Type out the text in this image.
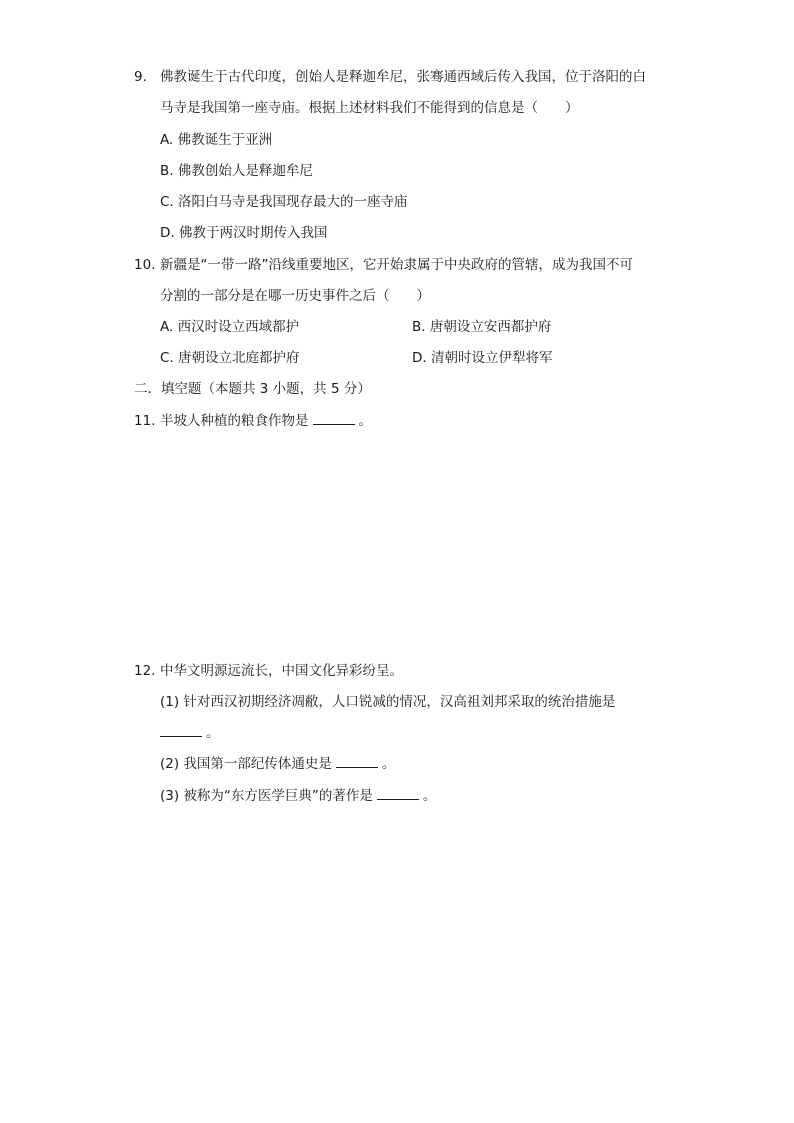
9. 佛教诞生于古代印度，创始人是释迦牟尼，张骞通西域后传入我国，位于洛阳的白
马寺是我国第一座寺庙。根据上述材料我们不能得到的信息是（　　）
A. 佛教诞生于亚洲
B. 佛教创始人是释迦牟尼
C. 洛阳白马寺是我国现存最大的一座寺庙
D. 佛教于两汉时期传入我国
10. 新疆是“一带一路”沿线重要地区，它开始隶属于中央政府的管辖，成为我国不可
分割的一部分是在哪一历史事件之后（　　）
A. 西汉时设立西域都护	B. 唐朝设立安西都护府
C. 唐朝设立北庭都护府	D. 清朝时设立伊犁将军
二．填空题（本题共 3 小题，共 5 分）
11. 半坡人种植的粮食作物是	。
12. 中华文明源远流长，中国文化异彩纷呈。
(1) 针对西汉初期经济凋敝，人口锐减的情况，汉高祖刘邦采取的统治措施是
。
(2) 我国第一部纪传体通史是	。
(3) 被称为“东方医学巨典”的著作是	。
